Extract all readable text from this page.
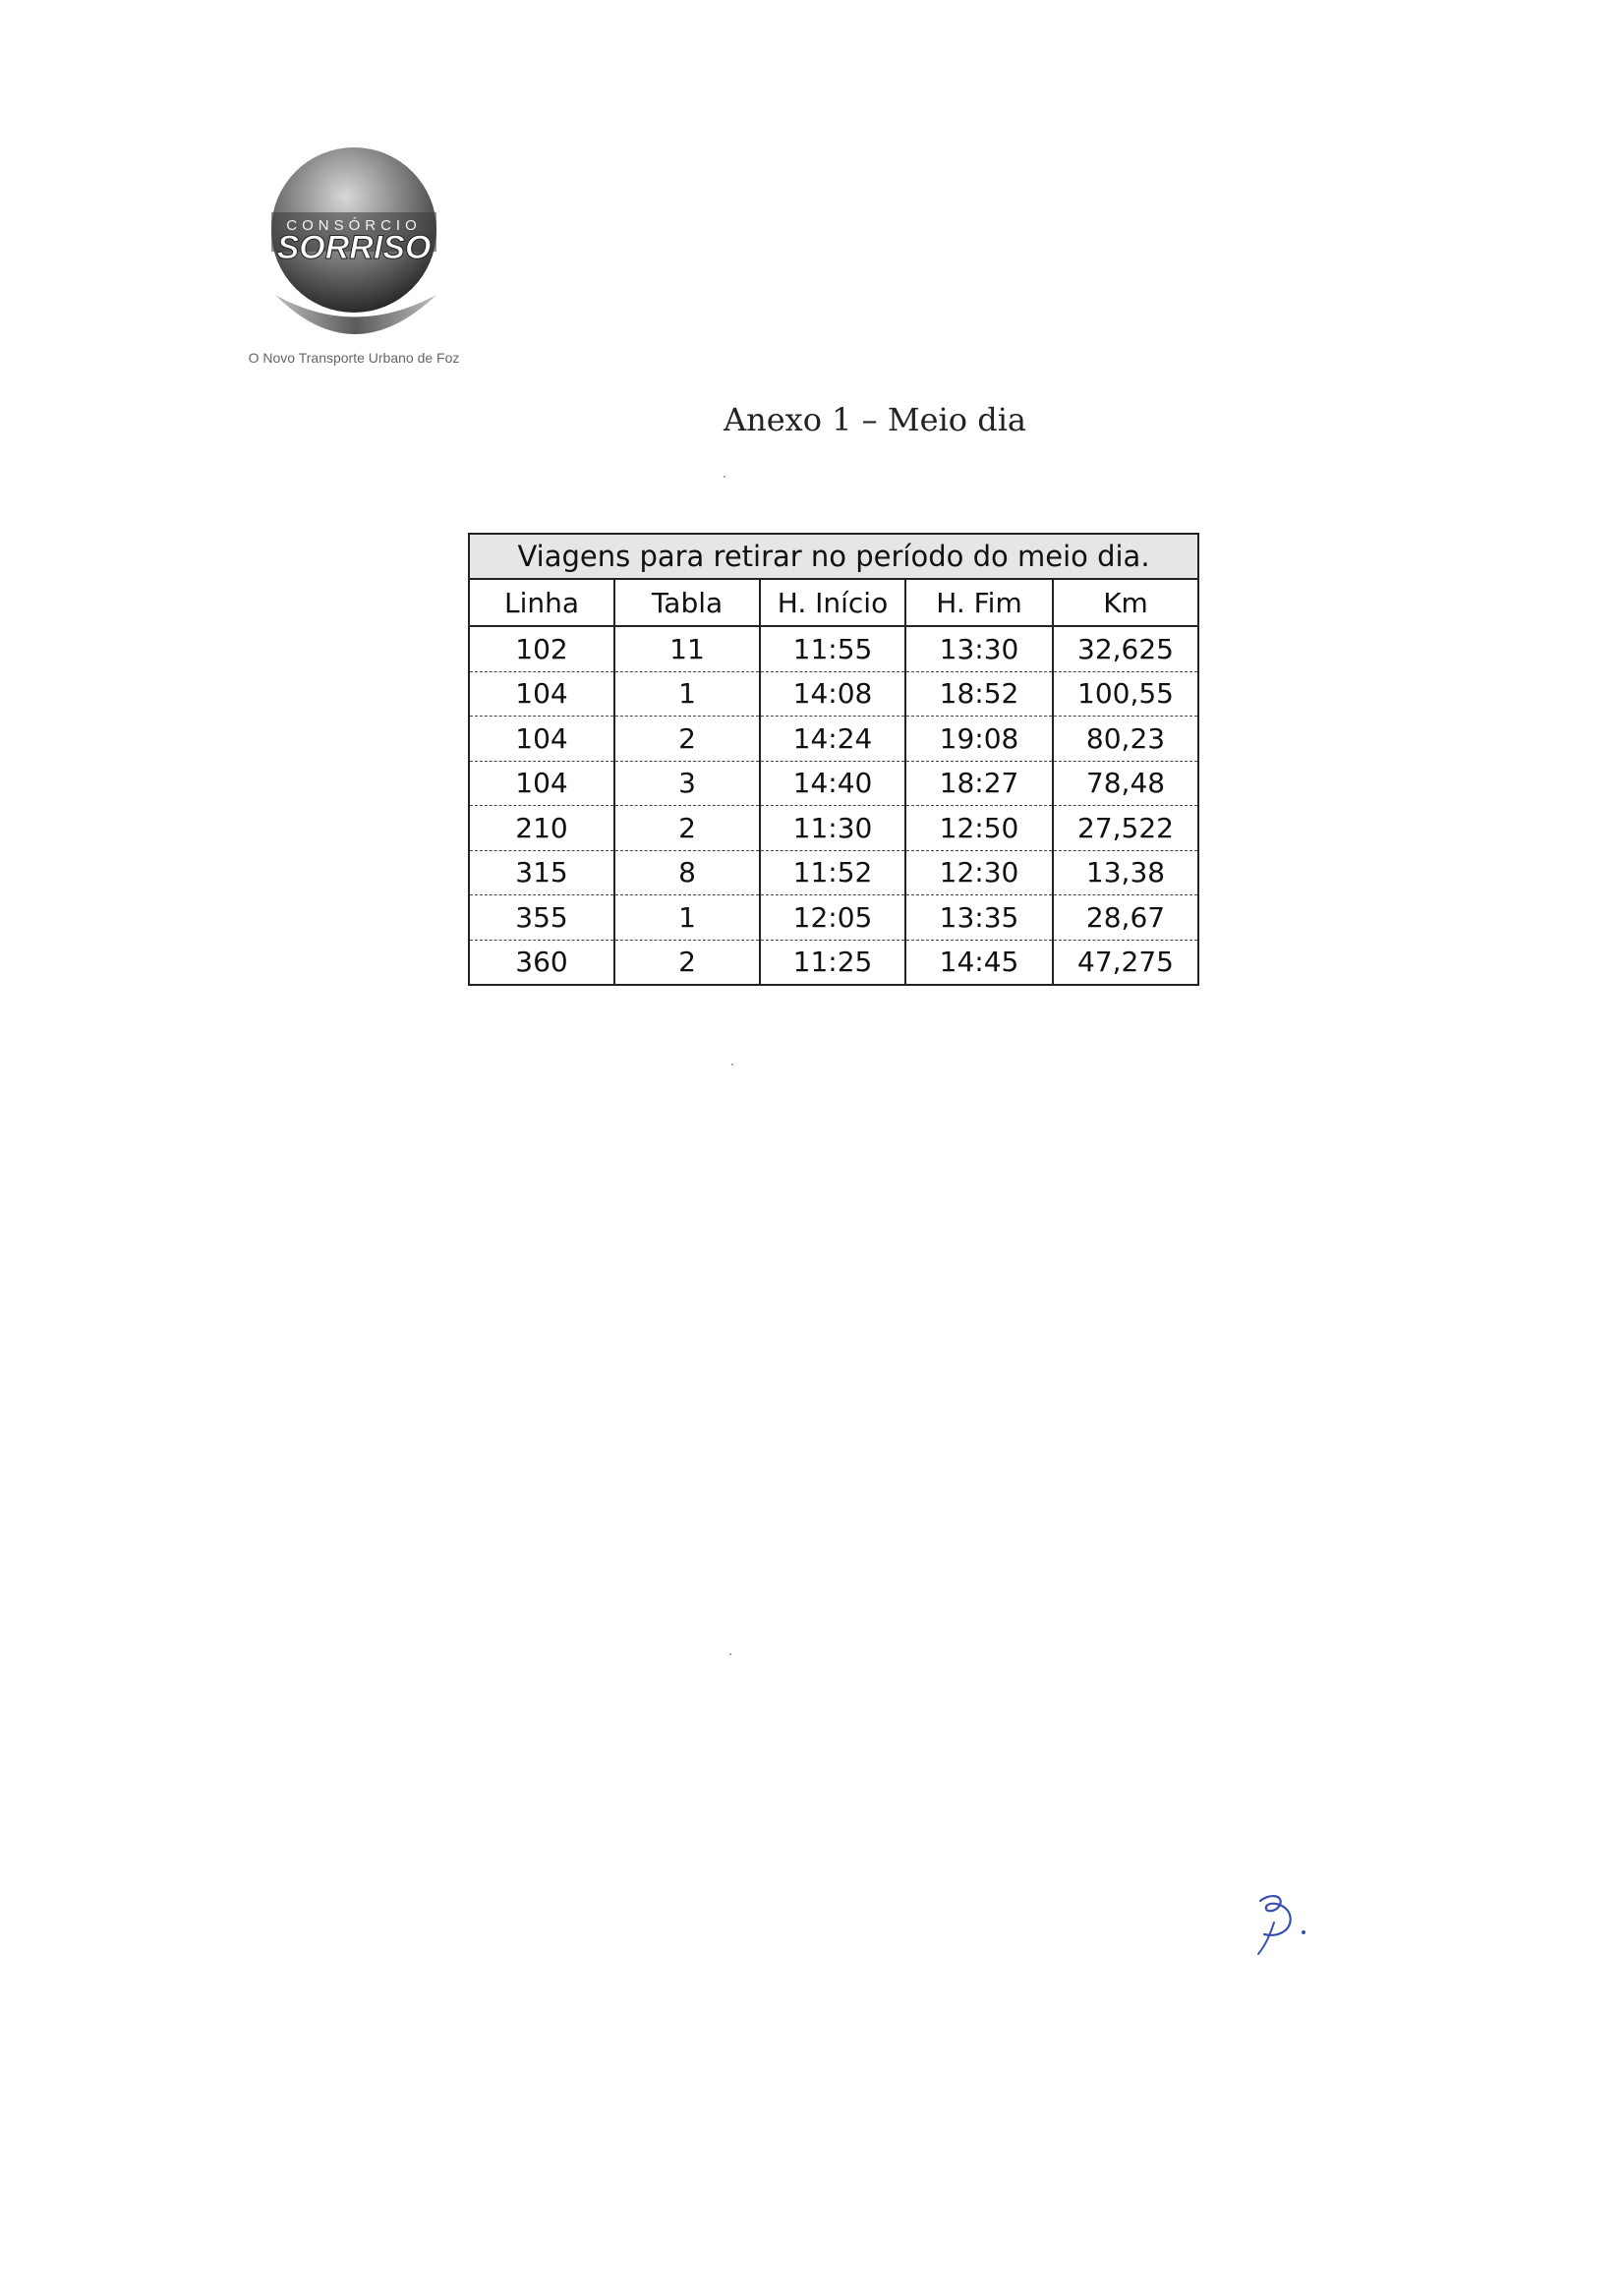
CONSÓRCIO
SORRISO
O Novo Transporte Urbano de Foz
Anexo 1 – Meio dia
Viagens para retirar no período do meio dia.				
Linha	Tabla	H. Início	H. Fim	Km
102	11	11:55	13:30	32,625
104	1	14:08	18:52	100,55
104	2	14:24	19:08	80,23
104	3	14:40	18:27	78,48
210	2	11:30	12:50	27,522
315	8	11:52	12:30	13,38
355	1	12:05	13:35	28,67
360	2	11:25	14:45	47,275
